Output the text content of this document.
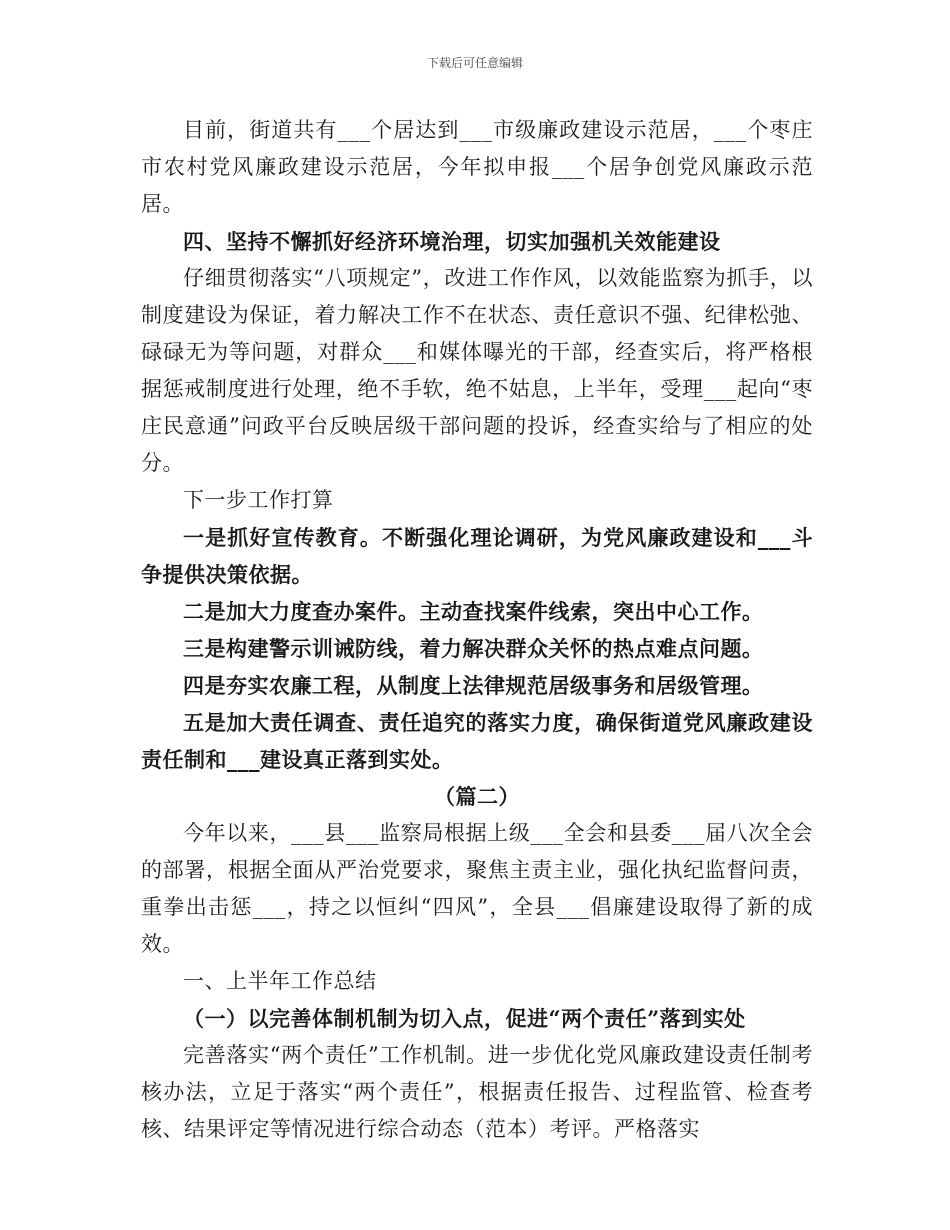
下载后可任意编辑

目前，街道共有___个居达到___市级廉政建设示范居，___个枣庄市农村党风廉政建设示范居，今年拟申报___个居争创党风廉政示范居。

四、坚持不懈抓好经济环境治理，切实加强机关效能建设

仔细贯彻落实“八项规定”，改进工作作风，以效能监察为抓手，以制度建设为保证，着力解决工作不在状态、责任意识不强、纪律松弛、碌碌无为等问题，对群众___和媒体曝光的干部，经查实后，将严格根据惩戒制度进行处理，绝不手软，绝不姑息，上半年，受理___起向“枣庄民意通”问政平台反映居级干部问题的投诉，经查实给与了相应的处分。

下一步工作打算

一是抓好宣传教育。不断强化理论调研，为党风廉政建设和___斗争提供决策依据。

二是加大力度查办案件。主动查找案件线索，突出中心工作。

三是构建警示训诫防线，着力解决群众关怀的热点难点问题。

四是夯实农廉工程，从制度上法律规范居级事务和居级管理。

五是加大责任调查、责任追究的落实力度，确保街道党风廉政建设责任制和___建设真正落到实处。

（篇二）

今年以来，___县___监察局根据上级___全会和县委___届八次全会的部署，根据全面从严治党要求，聚焦主责主业，强化执纪监督问责，重拳出击惩___，持之以恒纠“四风”，全县___倡廉建设取得了新的成效。

一、上半年工作总结

（一）以完善体制机制为切入点，促进“两个责任”落到实处

完善落实“两个责任”工作机制。进一步优化党风廉政建设责任制考核办法，立足于落实“两个责任”，根据责任报告、过程监管、检查考核、结果评定等情况进行综合动态（范本）考评。严格落实
